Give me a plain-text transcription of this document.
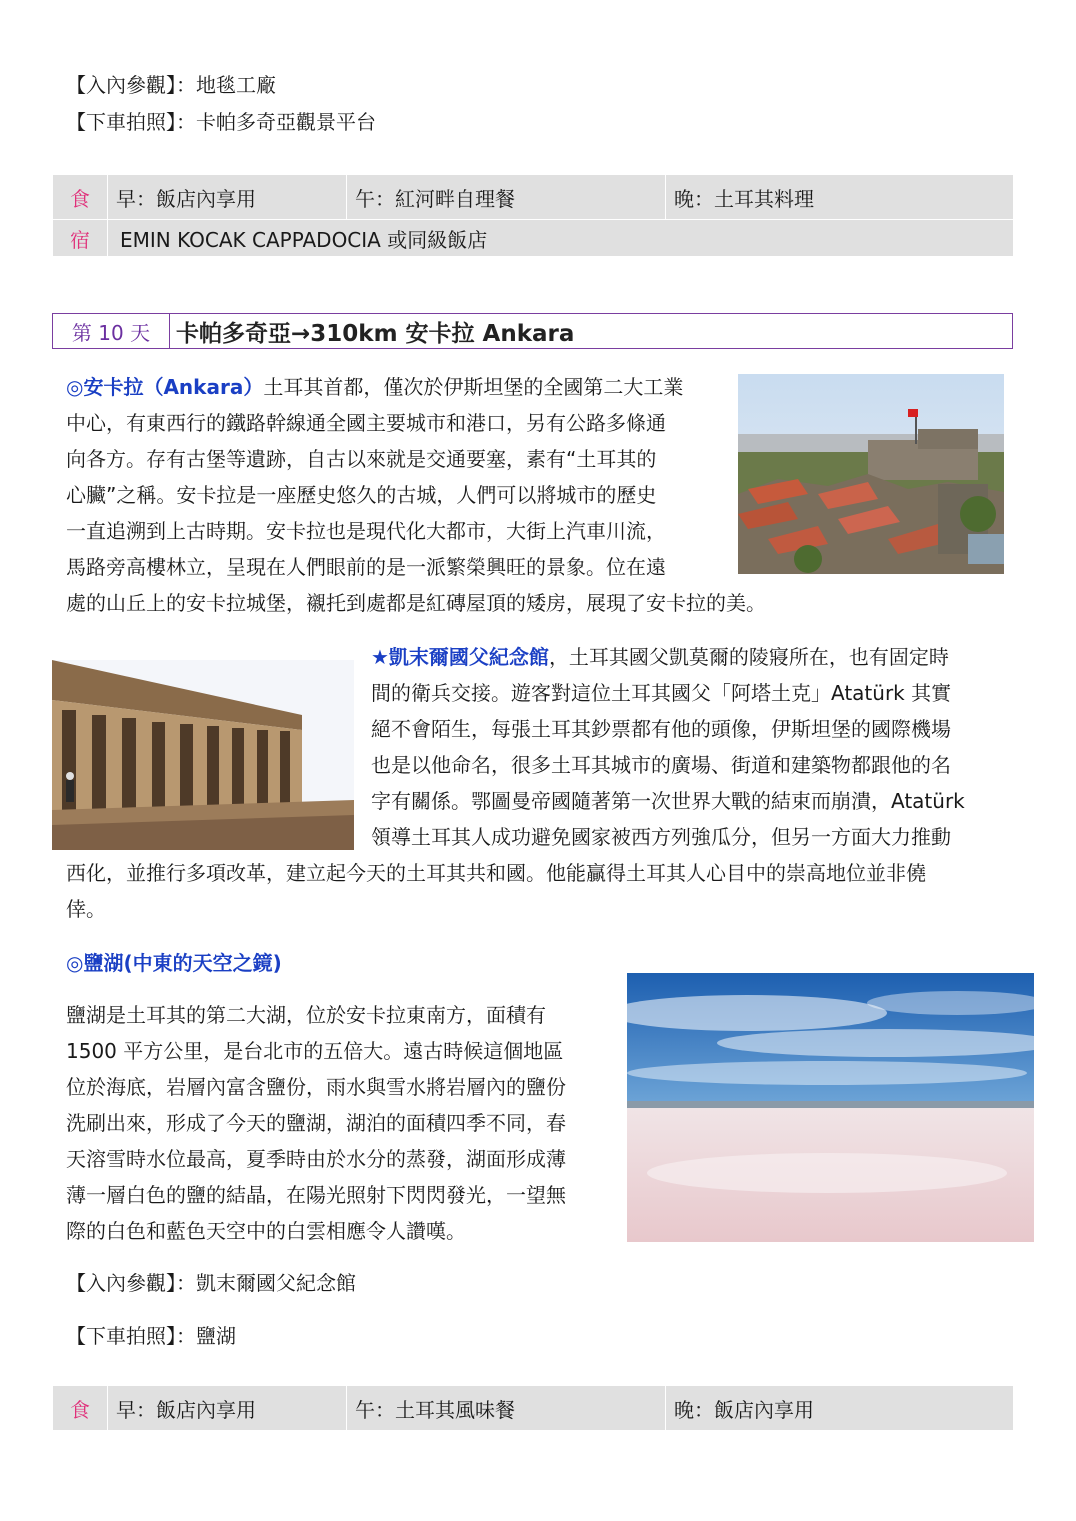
【入內參觀】：地毯工廠
【下車拍照】：卡帕多奇亞觀景平台
食	早：飯店內享用	午：紅河畔自理餐	晚：土耳其料理
宿	EMIN KOCAK CAPPADOCIA 或同級飯店		
第 10 天	卡帕多奇亞→310km 安卡拉 Ankara
◎安卡拉（Ankara）土耳其首都，僅次於伊斯坦堡的全國第二大工業
中心，有東西行的鐵路幹線通全國主要城市和港口，另有公路多條通
向各方。存有古堡等遺跡，自古以來就是交通要塞，素有“土耳其的
心臟”之稱。安卡拉是一座歷史悠久的古城，人們可以將城市的歷史
一直追溯到上古時期。安卡拉也是現代化大都市，大街上汽車川流，
馬路旁高樓林立，呈現在人們眼前的是一派繁榮興旺的景象。位在遠
處的山丘上的安卡拉城堡，襯托到處都是紅磚屋頂的矮房，展現了安卡拉的美。
★凱末爾國父紀念館，土耳其國父凱莫爾的陵寢所在，也有固定時
間的衛兵交接。遊客對這位土耳其國父「阿塔土克」Atatürk 其實
絕不會陌生，每張土耳其鈔票都有他的頭像，伊斯坦堡的國際機場
也是以他命名，很多土耳其城市的廣場、街道和建築物都跟他的名
字有關係。鄂圖曼帝國隨著第一次世界大戰的結束而崩潰，Atatürk
領導土耳其人成功避免國家被西方列強瓜分，但另一方面大力推動
西化，並推行多項改革，建立起今天的土耳其共和國。他能贏得土耳其人心目中的崇高地位並非僥
倖。
◎鹽湖(中東的天空之鏡)
鹽湖是土耳其的第二大湖，位於安卡拉東南方，面積有
1500 平方公里，是台北市的五倍大。遠古時候這個地區
位於海底，岩層內富含鹽份，雨水與雪水將岩層內的鹽份
洗刷出來，形成了今天的鹽湖，湖泊的面積四季不同，春
天溶雪時水位最高，夏季時由於水分的蒸發，湖面形成薄
薄一層白色的鹽的結晶，在陽光照射下閃閃發光，一望無
際的白色和藍色天空中的白雲相應令人讚嘆。
【入內參觀】：凱末爾國父紀念館
【下車拍照】：鹽湖
食	早：飯店內享用	午：土耳其風味餐	晚：飯店內享用
